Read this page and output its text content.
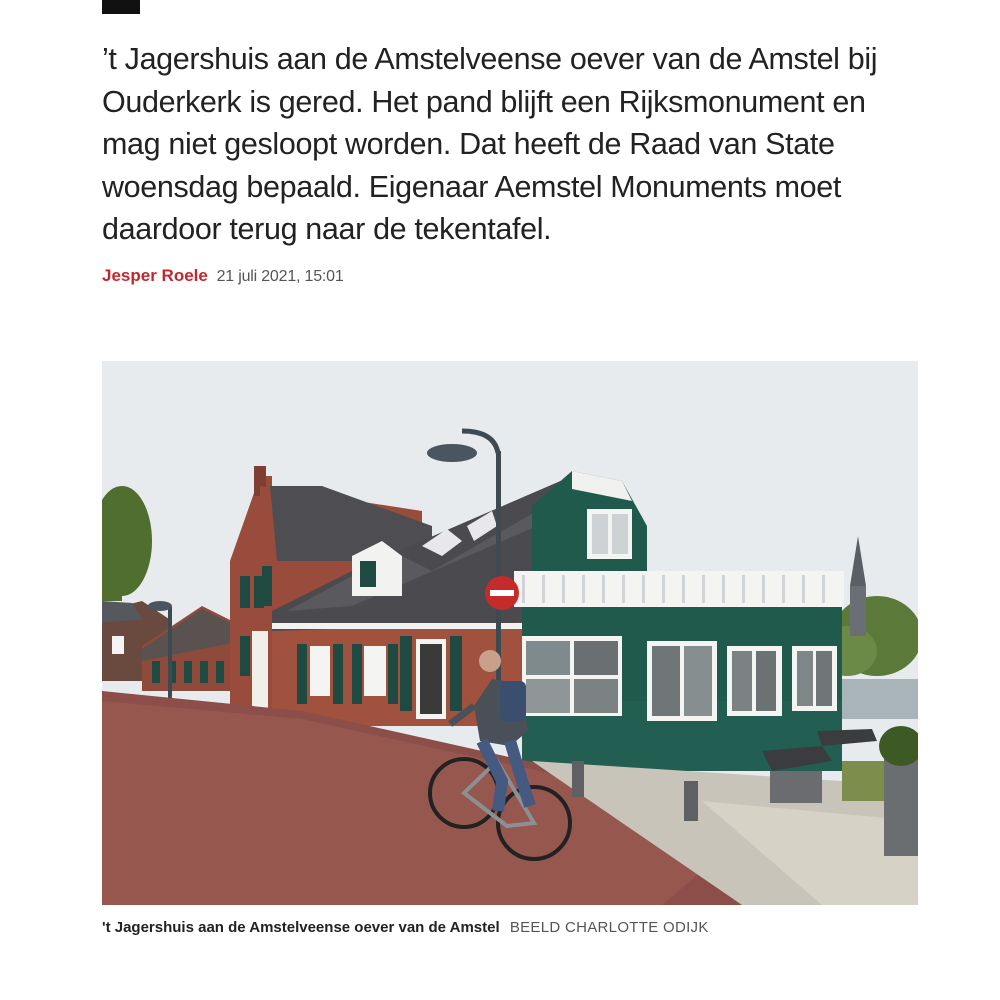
’t Jagershuis aan de Amstelveense oever van de Amstel bij Ouderkerk is gered. Het pand blijft een Rijksmonument en mag niet gesloopt worden. Dat heeft de Raad van State woensdag bepaald. Eigenaar Aemstel Monuments moet daardoor terug naar de tekentafel.

Jesper Roele 21 juli 2021, 15:01
't Jagershuis aan de Amstelveense oever van de Amstel BEELD CHARLOTTE ODIJK
